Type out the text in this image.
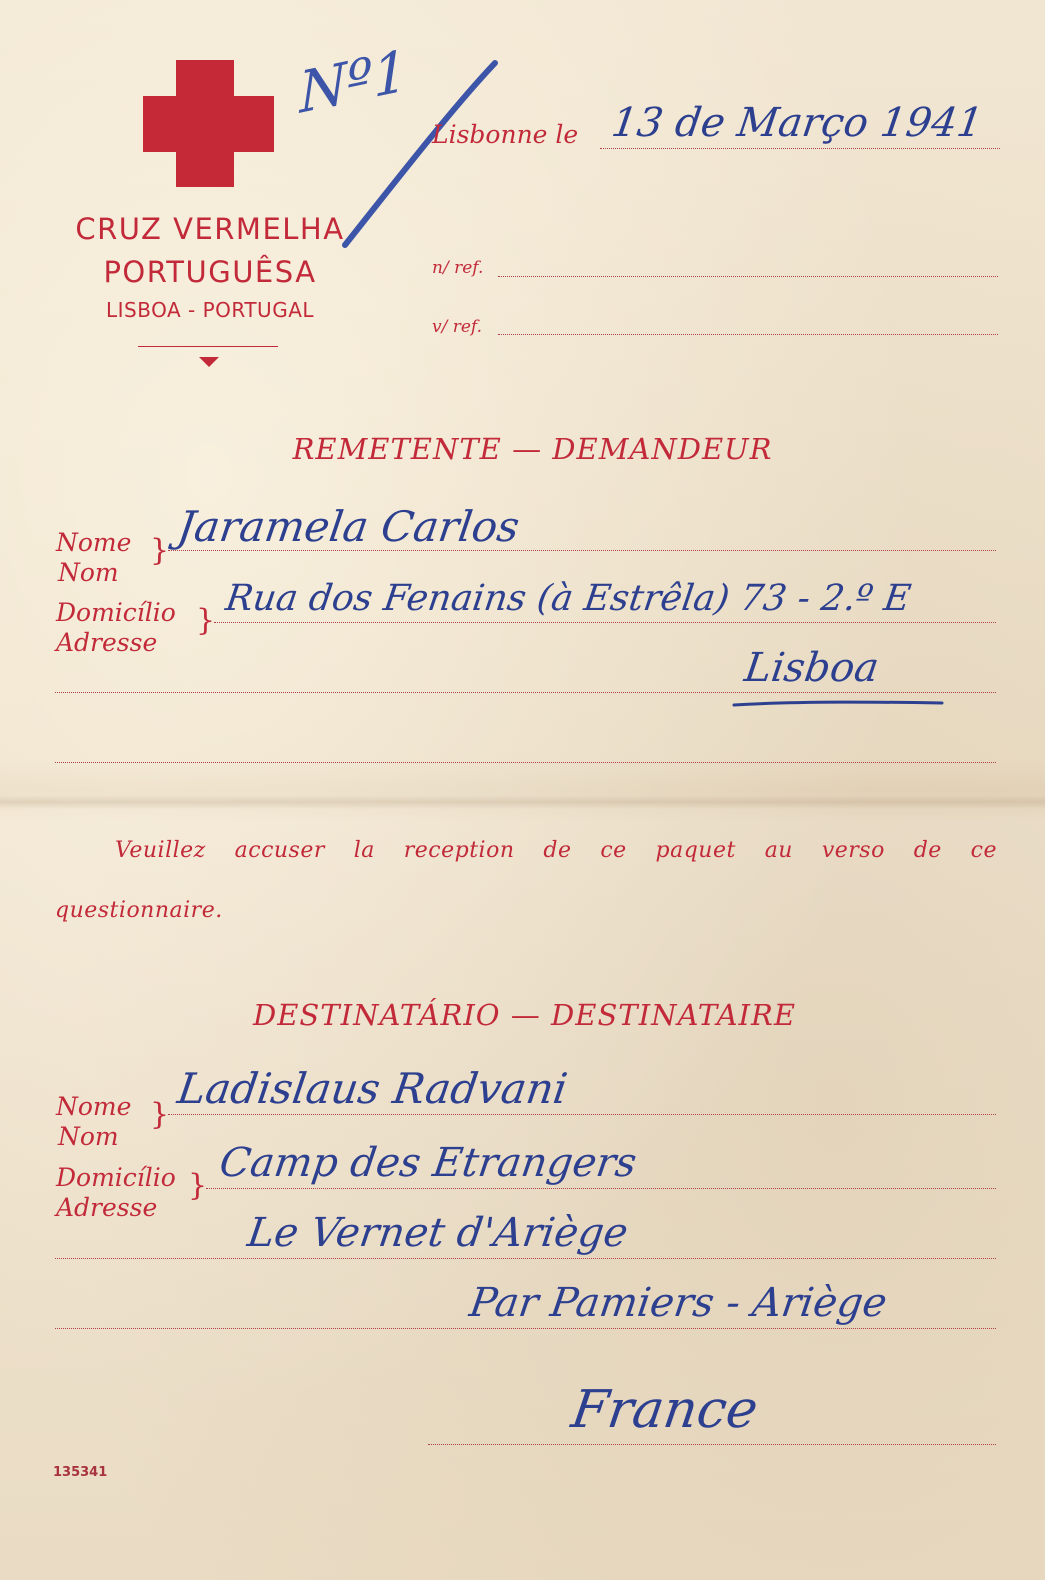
CRUZ VERMELHA
PORTUGUÊSA
LISBOA - PORTUGAL
Nº1
Lisbonne le 13 de Março 1941
n/ ref.
v/ ref.
REMETENTE — DEMANDEUR
Nome
Nom
} Jaramela Carlos
Domicílio
Adresse
}
Rua dos Fenains (à Estrêla) 73 - 2.º E
Lisboa
Veuillez accuser la reception de ce paquet au verso de ce
questionnaire.
DESTINATÁRIO — DESTINATAIRE
Nome
Nom
}
Ladislaus Radvani
Domicílio
Adresse
} Camp des Etrangers
Le Vernet d'Ariège
Par Pamiers - Ariège
France
135341
